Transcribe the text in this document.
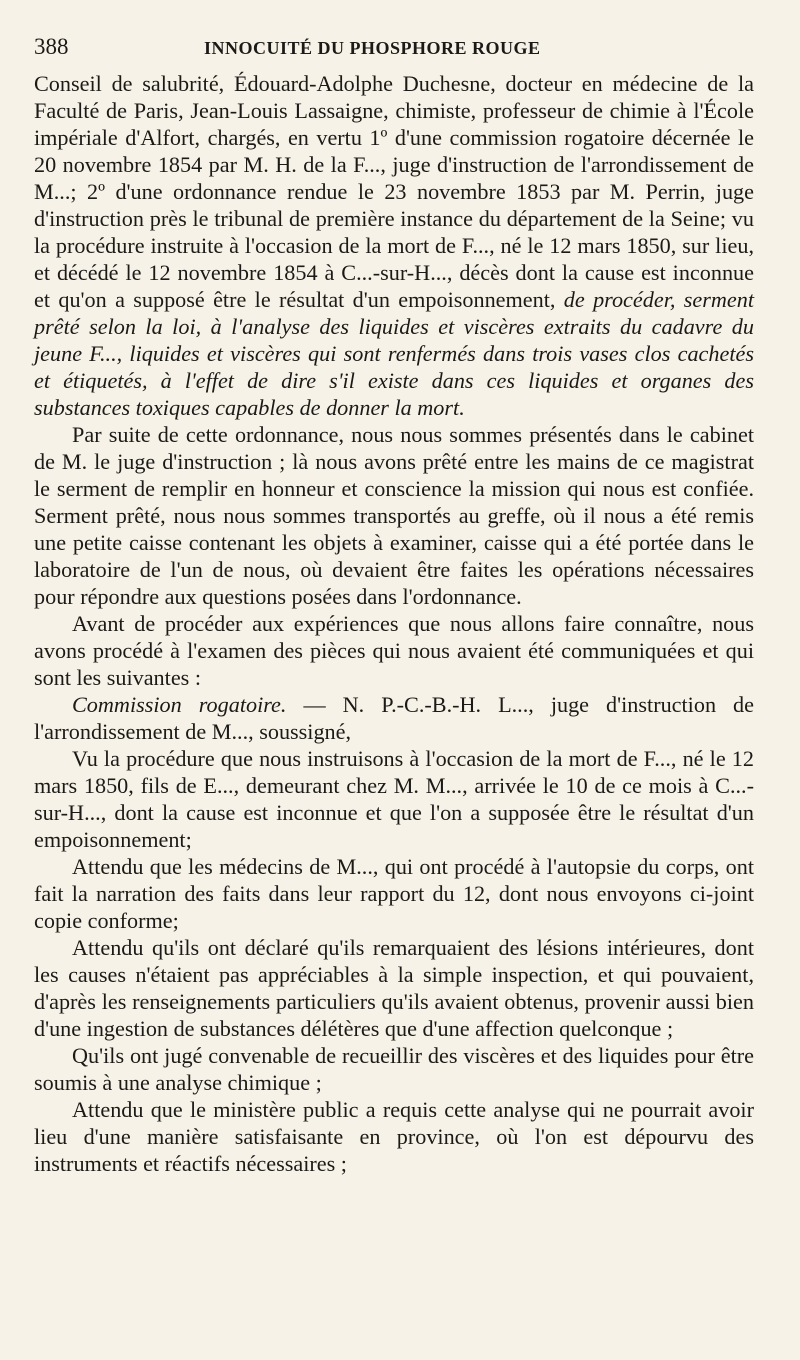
388	INNOCUITÉ DU PHOSPHORE ROUGE

Conseil de salubrité, Édouard-Adolphe Duchesne, docteur en médecine de la Faculté de Paris, Jean-Louis Lassaigne, chimiste, professeur de chimie à l'École impériale d'Alfort, chargés, en vertu 1º d'une commission rogatoire décernée le 20 novembre 1854 par M. H. de la F..., juge d'instruction de l'arrondissement de M...; 2º d'une ordonnance rendue le 23 novembre 1853 par M. Perrin, juge d'instruction près le tribunal de première instance du département de la Seine; vu la procédure instruite à l'occasion de la mort de F..., né le 12 mars 1850, sur lieu, et décédé le 12 novembre 1854 à C...-sur-H..., décès dont la cause est inconnue et qu'on a supposé être le résultat d'un empoisonnement, de procéder, serment prêté selon la loi, à l'analyse des liquides et viscères extraits du cadavre du jeune F..., liquides et viscères qui sont renfermés dans trois vases clos cachetés et étiquetés, à l'effet de dire s'il existe dans ces liquides et organes des substances toxiques capables de donner la mort.

Par suite de cette ordonnance, nous nous sommes présentés dans le cabinet de M. le juge d'instruction ; là nous avons prêté entre les mains de ce magistrat le serment de remplir en honneur et conscience la mission qui nous est confiée. Serment prêté, nous nous sommes transportés au greffe, où il nous a été remis une petite caisse contenant les objets à examiner, caisse qui a été portée dans le laboratoire de l'un de nous, où devaient être faites les opérations nécessaires pour répondre aux questions posées dans l'ordonnance.

Avant de procéder aux expériences que nous allons faire connaître, nous avons procédé à l'examen des pièces qui nous avaient été communiquées et qui sont les suivantes :

Commission rogatoire. — N. P.-C.-B.-H. L..., juge d'instruction de l'arrondissement de M..., soussigné,

Vu la procédure que nous instruisons à l'occasion de la mort de F..., né le 12 mars 1850, fils de E..., demeurant chez M. M..., arrivée le 10 de ce mois à C...-sur-H..., dont la cause est inconnue et que l'on a supposée être le résultat d'un empoisonnement;

Attendu que les médecins de M..., qui ont procédé à l'autopsie du corps, ont fait la narration des faits dans leur rapport du 12, dont nous envoyons ci-joint copie conforme;

Attendu qu'ils ont déclaré qu'ils remarquaient des lésions intérieures, dont les causes n'étaient pas appréciables à la simple inspection, et qui pouvaient, d'après les renseignements particuliers qu'ils avaient obtenus, provenir aussi bien d'une ingestion de substances délétères que d'une affection quelconque ;

Qu'ils ont jugé convenable de recueillir des viscères et des liquides pour être soumis à une analyse chimique ;

Attendu que le ministère public a requis cette analyse qui ne pourrait avoir lieu d'une manière satisfaisante en province, où l'on est dépourvu des instruments et réactifs nécessaires ;
